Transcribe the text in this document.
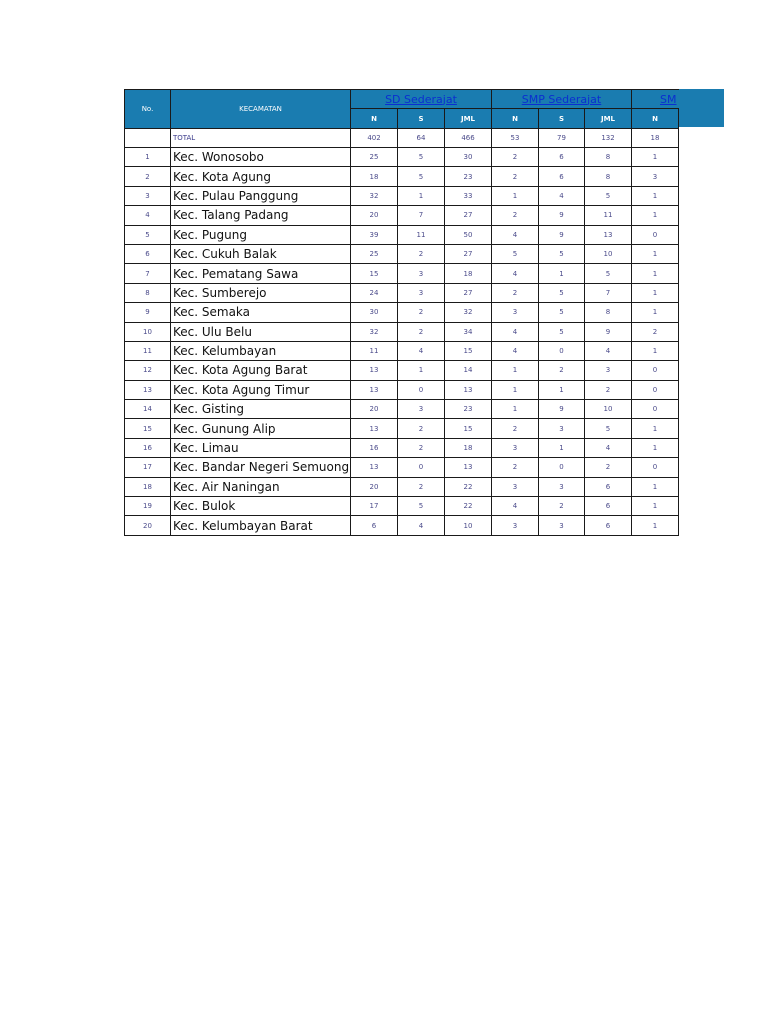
No.	KECAMATAN	SD Sederajat			SMP Sederajat			SM
		N	S	JML	N	S	JML	N
	TOTAL	402	64	466	53	79	132	18
1	Kec. Wonosobo	25	5	30	2	6	8	1
2	Kec. Kota Agung	18	5	23	2	6	8	3
3	Kec. Pulau Panggung	32	1	33	1	4	5	1
4	Kec. Talang Padang	20	7	27	2	9	11	1
5	Kec. Pugung	39	11	50	4	9	13	0
6	Kec. Cukuh Balak	25	2	27	5	5	10	1
7	Kec. Pematang Sawa	15	3	18	4	1	5	1
8	Kec. Sumberejo	24	3	27	2	5	7	1
9	Kec. Semaka	30	2	32	3	5	8	1
10	Kec. Ulu Belu	32	2	34	4	5	9	2
11	Kec. Kelumbayan	11	4	15	4	0	4	1
12	Kec. Kota Agung Barat	13	1	14	1	2	3	0
13	Kec. Kota Agung Timur	13	0	13	1	1	2	0
14	Kec. Gisting	20	3	23	1	9	10	0
15	Kec. Gunung Alip	13	2	15	2	3	5	1
16	Kec. Limau	16	2	18	3	1	4	1
17	Kec. Bandar Negeri Semuong	13	0	13	2	0	2	0
18	Kec. Air Naningan	20	2	22	3	3	6	1
19	Kec. Bulok	17	5	22	4	2	6	1
20	Kec. Kelumbayan Barat	6	4	10	3	3	6	1
